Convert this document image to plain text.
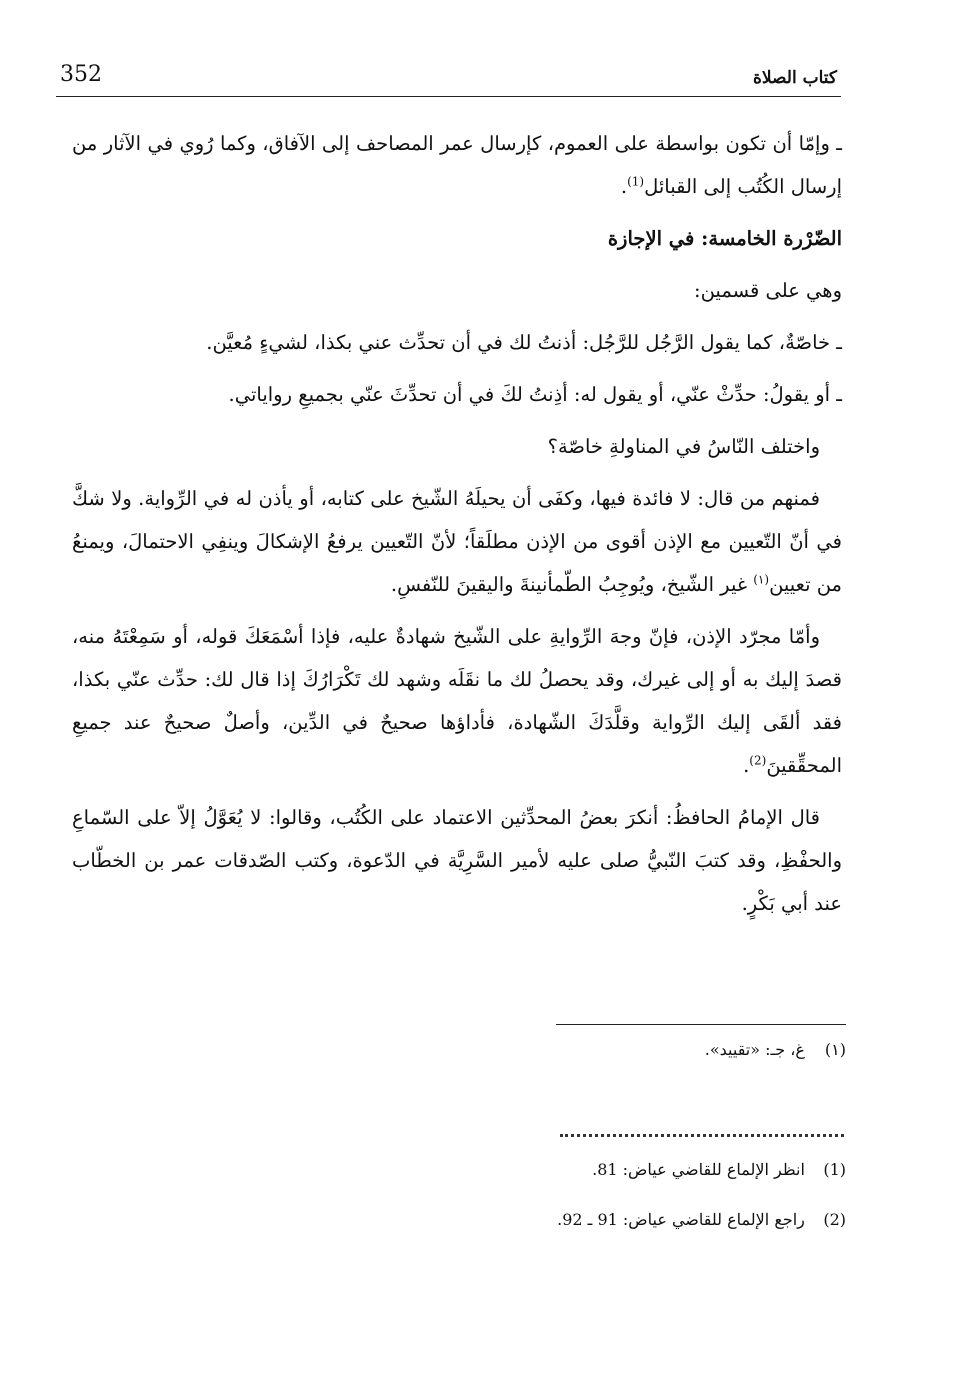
352	كتاب الصلاة

ـ وإمّا أن تكون بواسطة على العموم، كإرسال عمر المصاحف إلى الآفاق، وكما رُوي في الآثار من إرسال الكُتُب إلى القبائل$^{(1)}$.

الضّرْرة الخامسة: في الإجازة

وهي على قسمين:

ـ خاصّةٌ، كما يقول الرَّجُل للرَّجُل: أذنتُ لك في أن تحدِّث عني بكذا، لشيءٍ مُعيَّن.

ـ أو يقولُ: حدِّثْ عنّي، أو يقول له: أذِنتُ لكَ في أن تحدِّثَ عنّي بجميعِ رواياتي.

واختلف النّاسُ في المناولةِ خاصّة؟

فمنهم من قال: لا فائدة فيها، وكفَى أن يحيلَهُ الشّيخ على كتابه، أو يأذن له في الرِّواية. ولا شكَّ في أنّ التّعيين مع الإذن أقوى من الإذن مطلَقاً؛ لأنّ التّعيين يرفعُ الإشكالَ وينفِي الاحتمالَ، ويمنعُ من تعيين$^{(١)}$ غير الشّيخ، ويُوجِبُ الطّمأنينةَ واليقينَ للنّفسِ.

وأمّا مجرّد الإذن، فإنّ وجهَ الرِّوايةِ على الشّيخ شهادةٌ عليه، فإذا أسْمَعَكَ قوله، أو سَمِعْتَهُ منه، قصدَ إليك به أو إلى غيرك، وقد يحصلُ لك ما نقَلَه وشهد لك تَكْرَارُكَ إذا قال لك: حدِّث عنّي بكذا، فقد ألقَى إليك الرِّواية وقلَّدَكَ الشّهادة، فأداؤها صحيحٌ في الدِّين، وأصلٌ صحيحٌ عند جميعِ المحقِّقينَ$^{(2)}$.

قال الإمامُ الحافظُ: أنكرَ بعضُ المحدِّثين الاعتماد على الكُتُب، وقالوا: لا يُعَوَّلُ إلاّ على السّماعِ والحفْظِ، وقد كتبَ النّبيُّ صلى عليه لأمير السَّرِيَّة في الدّعوة، وكتب الصّدقات عمر بن الخطّاب عند أبي بَكْرٍ.

(١) غ، جـ: «تقييد».
(1) انظر الإلماع للقاضي عياض: 81.
(2) راجع الإلماع للقاضي عياض: 91 ـ 92.
